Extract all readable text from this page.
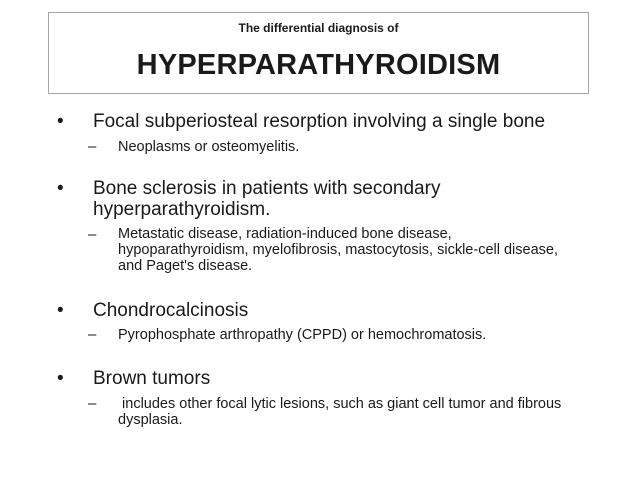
The differential diagnosis of
HYPERPARATHYROIDISM
• Focal subperiosteal resorption involving a single bone
– Neoplasms or osteomyelitis.
• Bone sclerosis in patients with secondary hyperparathyroidism.
– Metastatic disease, radiation-induced bone disease, hypoparathyroidism, myelofibrosis, mastocytosis, sickle-cell disease, and Paget's disease.
• Chondrocalcinosis
– Pyrophosphate arthropathy (CPPD) or hemochromatosis.
• Brown tumors
– includes other focal lytic lesions, such as giant cell tumor and fibrous dysplasia.
